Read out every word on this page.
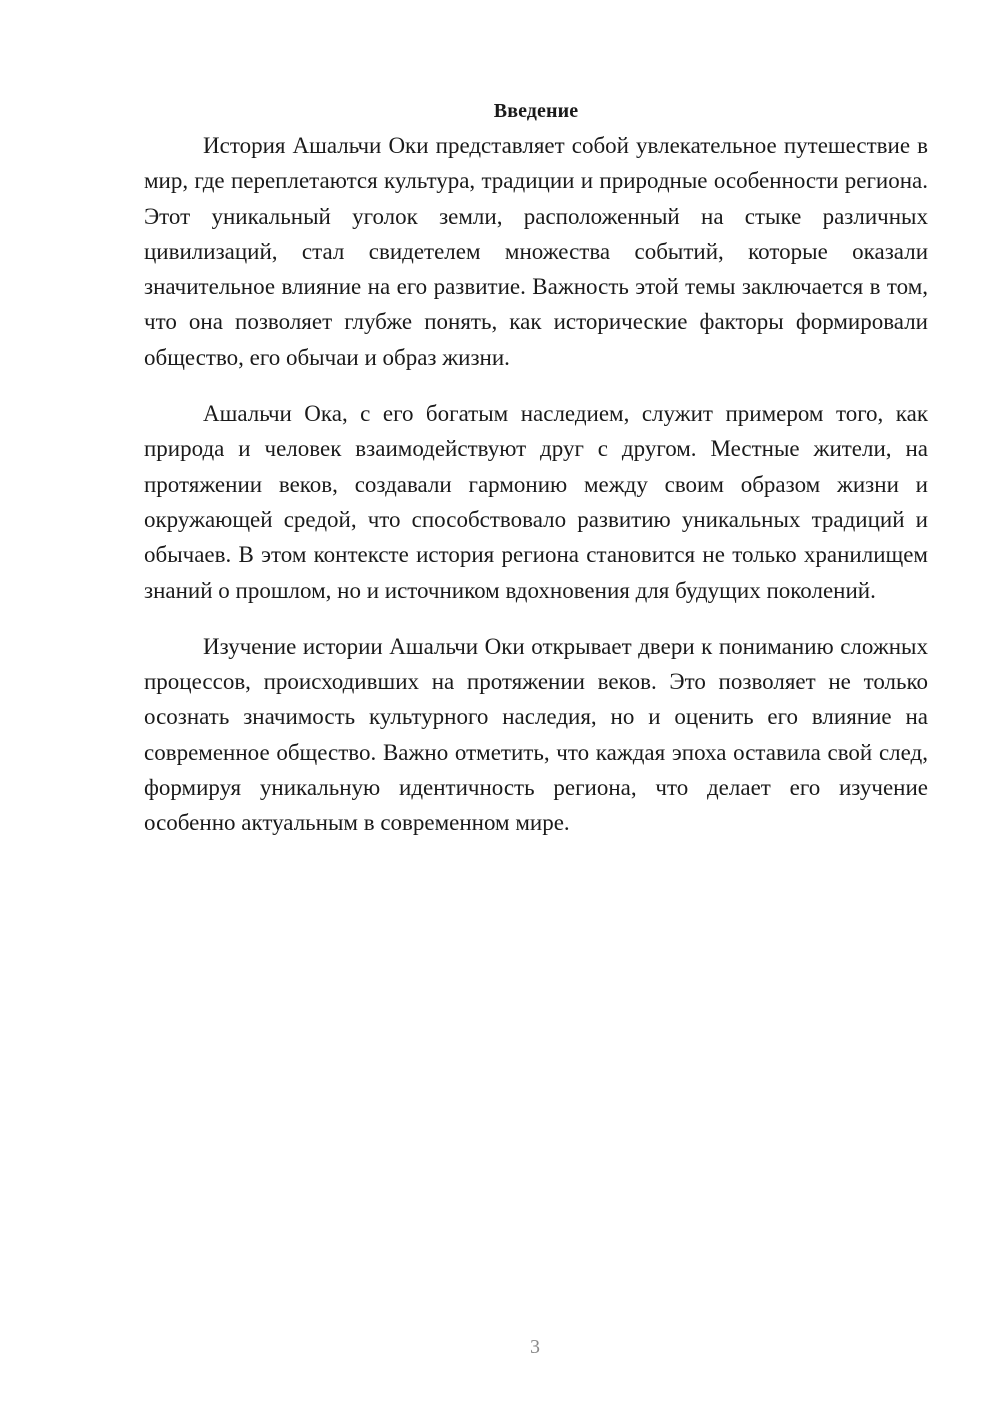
Введение

История Ашальчи Оки представляет собой увлекательное путешествие в мир, где переплетаются культура, традиции и природные особенности региона. Этот уникальный уголок земли, расположенный на стыке различных цивилизаций, стал свидетелем множества событий, которые оказали значительное влияние на его развитие. Важность этой темы заключается в том, что она позволяет глубже понять, как исторические факторы формировали общество, его обычаи и образ жизни.

Ашальчи Ока, с его богатым наследием, служит примером того, как природа и человек взаимодействуют друг с другом. Местные жители, на протяжении веков, создавали гармонию между своим образом жизни и окружающей средой, что способствовало развитию уникальных традиций и обычаев. В этом контексте история региона становится не только хранилищем знаний о прошлом, но и источником вдохновения для будущих поколений.

Изучение истории Ашальчи Оки открывает двери к пониманию сложных процессов, происходивших на протяжении веков. Это позволяет не только осознать значимость культурного наследия, но и оценить его влияние на современное общество. Важно отметить, что каждая эпоха оставила свой след, формируя уникальную идентичность региона, что делает его изучение особенно актуальным в современном мире.

3
